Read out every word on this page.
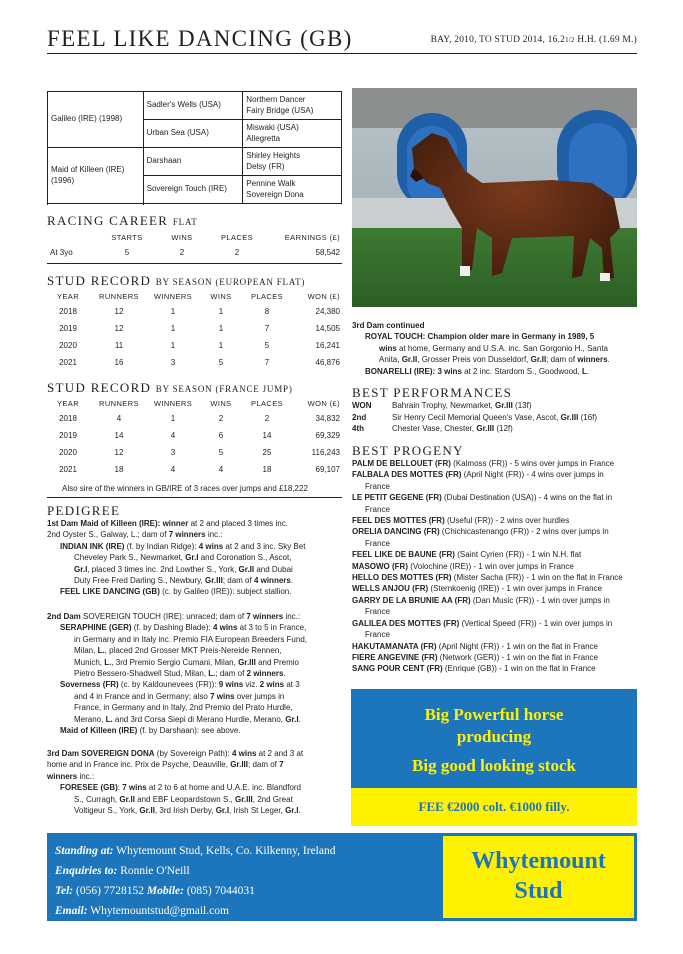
FEEL LIKE DANCING (GB)	BAY, 2010, TO STUD 2014, 16.21/2 H.H. (1.69 M.)
Galileo (IRE) (1998)	Sadler's Wells (USA)	Northern Dancer
Fairy Bridge (USA)

	Urban Sea (USA)	Miswaki (USA)
Allegretta

Maid of Killeen (IRE) (1996)	Darshaan	Shirley Heights
Delsy (FR)

	Sovereign Touch (IRE)	Pennine Walk
Sovereign Dona

RACING CAREER FLAT
STARTS	WINS	PLACES	EARNINGS (£)
At 3yo	5	2	2	58,542
STUD RECORD BY SEASON (EUROPEAN FLAT)
YEAR	RUNNERS	WINNERS	WINS	PLACES	WON (£)
2018	12	1	1	8	24,380
2019	12	1	1	7	14,505
2020	11	1	1	5	16,241
2021	16	3	5	7	46,876
STUD RECORD BY SEASON (FRANCE JUMP)
YEAR	RUNNERS	WINNERS	WINS	PLACES	WON (£)
2018	4	1	2	2	34,832
2019	14	4	6	14	69,329
2020	12	3	5	25	116,243
2021	18	4	4	18	69,107
Also sire of the winners in GB/IRE of 3 races over jumps and £18,222
PEDIGREE

1st Dam Maid of Killeen (IRE): winner at 2 and placed 3 times inc.

2nd Oyster S., Galway, L.; dam of 7 winners inc.:

INDIAN INK (IRE) (f. by Indian Ridge): 4 wins at 2 and 3 inc. Sky Bet

Cheveley Park S., Newmarket, Gr.I and Coronation S., Ascot,

Gr.I, placed 3 times inc. 2nd Lowther S., York, Gr.II and Dubai

Duty Free Fred Darling S., Newbury, Gr.III; dam of 4 winners.

FEEL LIKE DANCING (GB) (c. by Galileo (IRE)): subject stallion.

2nd Dam SOVEREIGN TOUCH (IRE): unraced; dam of 7 winners inc.:

SERAPHINE (GER) (f. by Dashing Blade): 4 wins at 3 to 5 in France,

in Germany and in Italy inc. Premio FIA European Breeders Fund,

Milan, L., placed 2nd Grosser MKT Preis-Nereide Rennen,

Munich, L., 3rd Premio Sergio Cumani, Milan, Gr.III and Premio

Pietro Bessero-Shadwell Stud, Milan, L.; dam of 2 winners.

Soverness (FR) (c. by Kaldounevees (FR)): 9 wins viz. 2 wins at 3

and 4 in France and in Germany; also 7 wins over jumps in

France, in Germany and in Italy, 2nd Premio del Prato Hurdle,

Merano, L. and 3rd Corsa Siepi di Merano Hurdle, Merano, Gr.I.

Maid of Killeen (IRE) (f. by Darshaan): see above.

3rd Dam SOVEREIGN DONA (by Sovereign Path): 4 wins at 2 and 3 at

home and in France inc. Prix de Psyche, Deauville, Gr.III; dam of 7

winners inc.:

FORESEE (GB): 7 wins at 2 to 6 at home and U.A.E. inc. Blandford

S., Curragh, Gr.II and EBF Leopardstown S., Gr.III, 2nd Great

Voltigeur S., York, Gr.II, 3rd Irish Derby, Gr.I, Irish St Leger, Gr.I.

3rd Dam continued

ROYAL TOUCH: Champion older mare in Germany in 1989, 5

wins at home, Germany and U.S.A. inc. San Gorgonio H., Santa

Anita, Gr.II, Grosser Preis von Dusseldorf, Gr.II; dam of winners.

BONARELLI (IRE): 3 wins at 2 inc. Stardom S., Goodwood, L.

BEST PERFORMANCES
WON	Bahrain Trophy, Newmarket, Gr.III (13f)
2nd	Sir Henry Cecil Memorial Queen's Vase, Ascot, Gr.III (16f)
4th	Chester Vase, Chester, Gr.III (12f)
BEST PROGENY

PALM DE BELLOUET (FR) (Kalmoss (FR)) - 5 wins over jumps in France

FALBALA DES MOTTES (FR) (April Night (FR)) - 4 wins over jumps in

France

LE PETIT GEGENE (FR) (Dubai Destination (USA)) - 4 wins on the flat in

France

FEEL DES MOTTES (FR) (Useful (FR)) - 2 wins over hurdles

ORELIA DANCING (FR) (Chichicastenango (FR)) - 2 wins over jumps in

France

FEEL LIKE DE BAUNE (FR) (Saint Cyrien (FR)) - 1 win N.H. flat

MASOWO (FR) (Volochine (IRE)) - 1 win over jumps in France

HELLO DES MOTTES (FR) (Mister Sacha (FR)) - 1 win on the flat in France

WELLS ANJOU (FR) (Sternkoenig (IRE)) - 1 win over jumps in France

GARRY DE LA BRUNIE AA (FR) (Dan Music (FR)) - 1 win over jumps in

France

GALILEA DES MOTTES (FR) (Vertical Speed (FR)) - 1 win over jumps in

France

HAKUTAMANATA (FR) (April Night (FR)) - 1 win on the flat in France

FIERE ANGEVINE (FR) (Network (GER)) - 1 win on the flat in France

SANG POUR CENT (FR) (Enrique (GB)) - 1 win on the flat in France

Big Powerful horse
producing
Big good looking stock
FEE €2000 colt. €1000 filly.
Standing at: Whytemount Stud, Kells, Co. Kilkenny, Ireland
Enquiries to: Ronnie O'Neill
Tel: (056) 7728152 Mobile: (085) 7044031
Email: Whytemountstud@gmail.com
Whytemount
Stud
